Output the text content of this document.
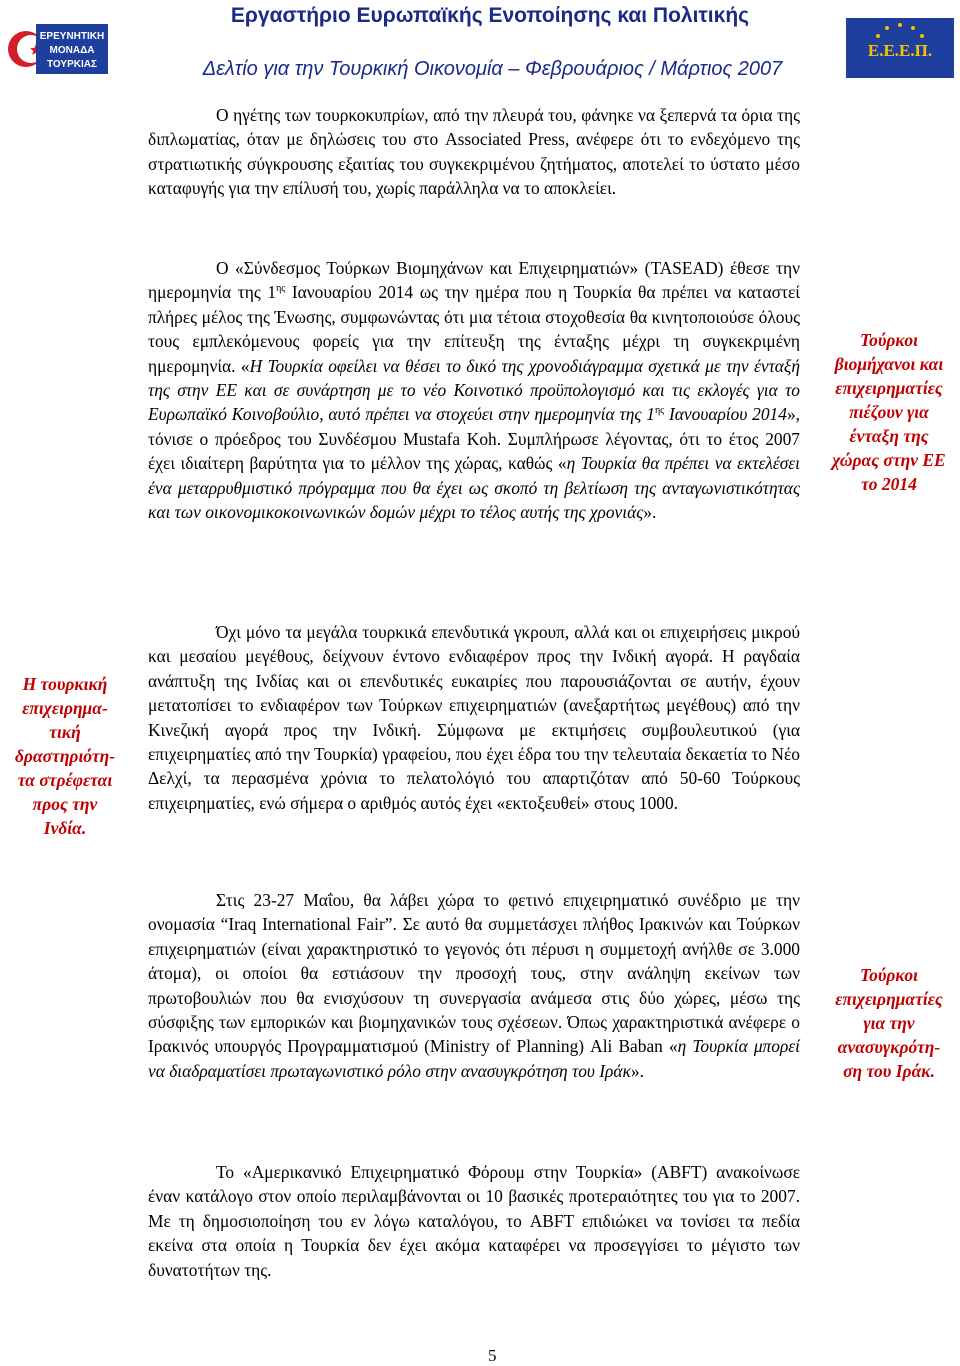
Εργαστήριο Ευρωπαϊκής Ενοποίησης και Πολιτικής
Δελτίο για την Τουρκική Οικονομία – Φεβρουάριος / Μάρτιος 2007
ΕΡΕΥΝΗΤΙΚΗ
ΜΟΝΑΔΑ
ΤΟΥΡΚΙΑΣ
Ε.Ε.Ε.Π.

Ο ηγέτης των τουρκοκυπρίων, από την πλευρά του, φάνηκε να ξεπερνά τα όρια της διπλωματίας, όταν με δηλώσεις του στο Associated Press, ανέφερε ότι το ενδεχόμενο της στρατιωτικής σύγκρουσης εξαιτίας του συγκεκριμένου ζητήματος, αποτελεί το ύστατο μέσο καταφυγής για την επίλυσή του, χωρίς παράλληλα να το αποκλείει.

Ο «Σύνδεσμος Τούρκων Βιομηχάνων και Επιχειρηματιών» (TASEAD) έθεσε την ημερομηνία της $1^{\eta\varsigma}$ Ιανουαρίου 2014 ως την ημέρα που η Τουρκία θα πρέπει να καταστεί πλήρες μέλος της Ένωσης, συμφωνώντας ότι μια τέτοια στοχοθεσία θα κινητοποιούσε όλους τους εμπλεκόμενους φορείς για την επίτευξη της ένταξης μέχρι τη συγκεκριμένη ημερομηνία. «Η Τουρκία οφείλει να θέσει το δικό της χρονοδιάγραμμα σχετικά με την ένταξή της στην ΕΕ και σε συνάρτηση με το νέο Κοινοτικό προϋπολογισμό και τις εκλογές για το Ευρωπαϊκό Κοινοβούλιο, αυτό πρέπει να στοχεύει στην ημερομηνία της $1^{\eta\varsigma}$ Ιανουαρίου 2014», τόνισε ο πρόεδρος του Συνδέσμου Mustafa Koh. Συμπλήρωσε λέγοντας, ότι το έτος 2007 έχει ιδιαίτερη βαρύτητα για το μέλλον της χώρας, καθώς «η Τουρκία θα πρέπει να εκτελέσει ένα μεταρρυθμιστικό πρόγραμμα που θα έχει ως σκοπό τη βελτίωση της ανταγωνιστικότητας και των οικονομικοκοινωνικών δομών μέχρι το τέλος αυτής της χρονιάς».

Όχι μόνο τα μεγάλα τουρκικά επενδυτικά γκρουπ, αλλά και οι επιχειρήσεις μικρού και μεσαίου μεγέθους, δείχνουν έντονο ενδιαφέρον προς την Ινδική αγορά. Η ραγδαία ανάπτυξη της Ινδίας και οι επενδυτικές ευκαιρίες που παρουσιάζονται σε αυτήν, έχουν μετατοπίσει το ενδιαφέρον των Τούρκων επιχειρηματιών (ανεξαρτήτως μεγέθους) από την Κινεζική αγορά προς την Ινδική. Σύμφωνα με εκτιμήσεις συμβουλευτικού (για επιχειρηματίες από την Τουρκία) γραφείου, που έχει έδρα του την τελευταία δεκαετία το Νέο Δελχί, τα περασμένα χρόνια το πελατολόγιό του απαρτιζόταν από 50-60 Τούρκους επιχειρηματίες, ενώ σήμερα ο αριθμός αυτός έχει «εκτοξευθεί» στους 1000.

Στις 23-27 Μαΐου, θα λάβει χώρα το φετινό επιχειρηματικό συνέδριο με την ονομασία “Iraq International Fair”. Σε αυτό θα συμμετάσχει πλήθος Ιρακινών και Τούρκων επιχειρηματιών (είναι χαρακτηριστικό το γεγονός ότι πέρυσι η συμμετοχή ανήλθε σε 3.000 άτομα), οι οποίοι θα εστιάσουν την προσοχή τους, στην ανάληψη εκείνων των πρωτοβουλιών που θα ενισχύσουν τη συνεργασία ανάμεσα στις δύο χώρες, μέσω της σύσφιξης των εμπορικών και βιομηχανικών τους σχέσεων. Όπως χαρακτηριστικά ανέφερε ο Ιρακινός υπουργός Προγραμματισμού (Ministry of Planning) Ali Baban «η Τουρκία μπορεί να διαδραματίσει πρωταγωνιστικό ρόλο στην ανασυγκρότηση του Ιράκ».

Το «Αμερικανικό Επιχειρηματικό Φόρουμ στην Τουρκία» (ABFT) ανακοίνωσε έναν κατάλογο στον οποίο περιλαμβάνονται οι 10 βασικές προτεραιότητες του για το 2007. Με τη δημοσιοποίηση του εν λόγω καταλόγου, το ABFT επιδιώκει να τονίσει τα πεδία εκείνα στα οποία η Τουρκία δεν έχει ακόμα καταφέρει να προσεγγίσει το μέγιστο των δυνατοτήτων της.

Τούρκοι
βιομήχανοι και
επιχειρηματίες
πιέζουν για
ένταξη της
χώρας στην ΕΕ
το 2014
Η τουρκική
επιχειρημα-
τική
δραστηριότη-
τα στρέφεται
προς την
Ινδία.
Τούρκοι
επιχειρηματίες
για την
ανασυγκρότη-
ση του Ιράκ.
5
